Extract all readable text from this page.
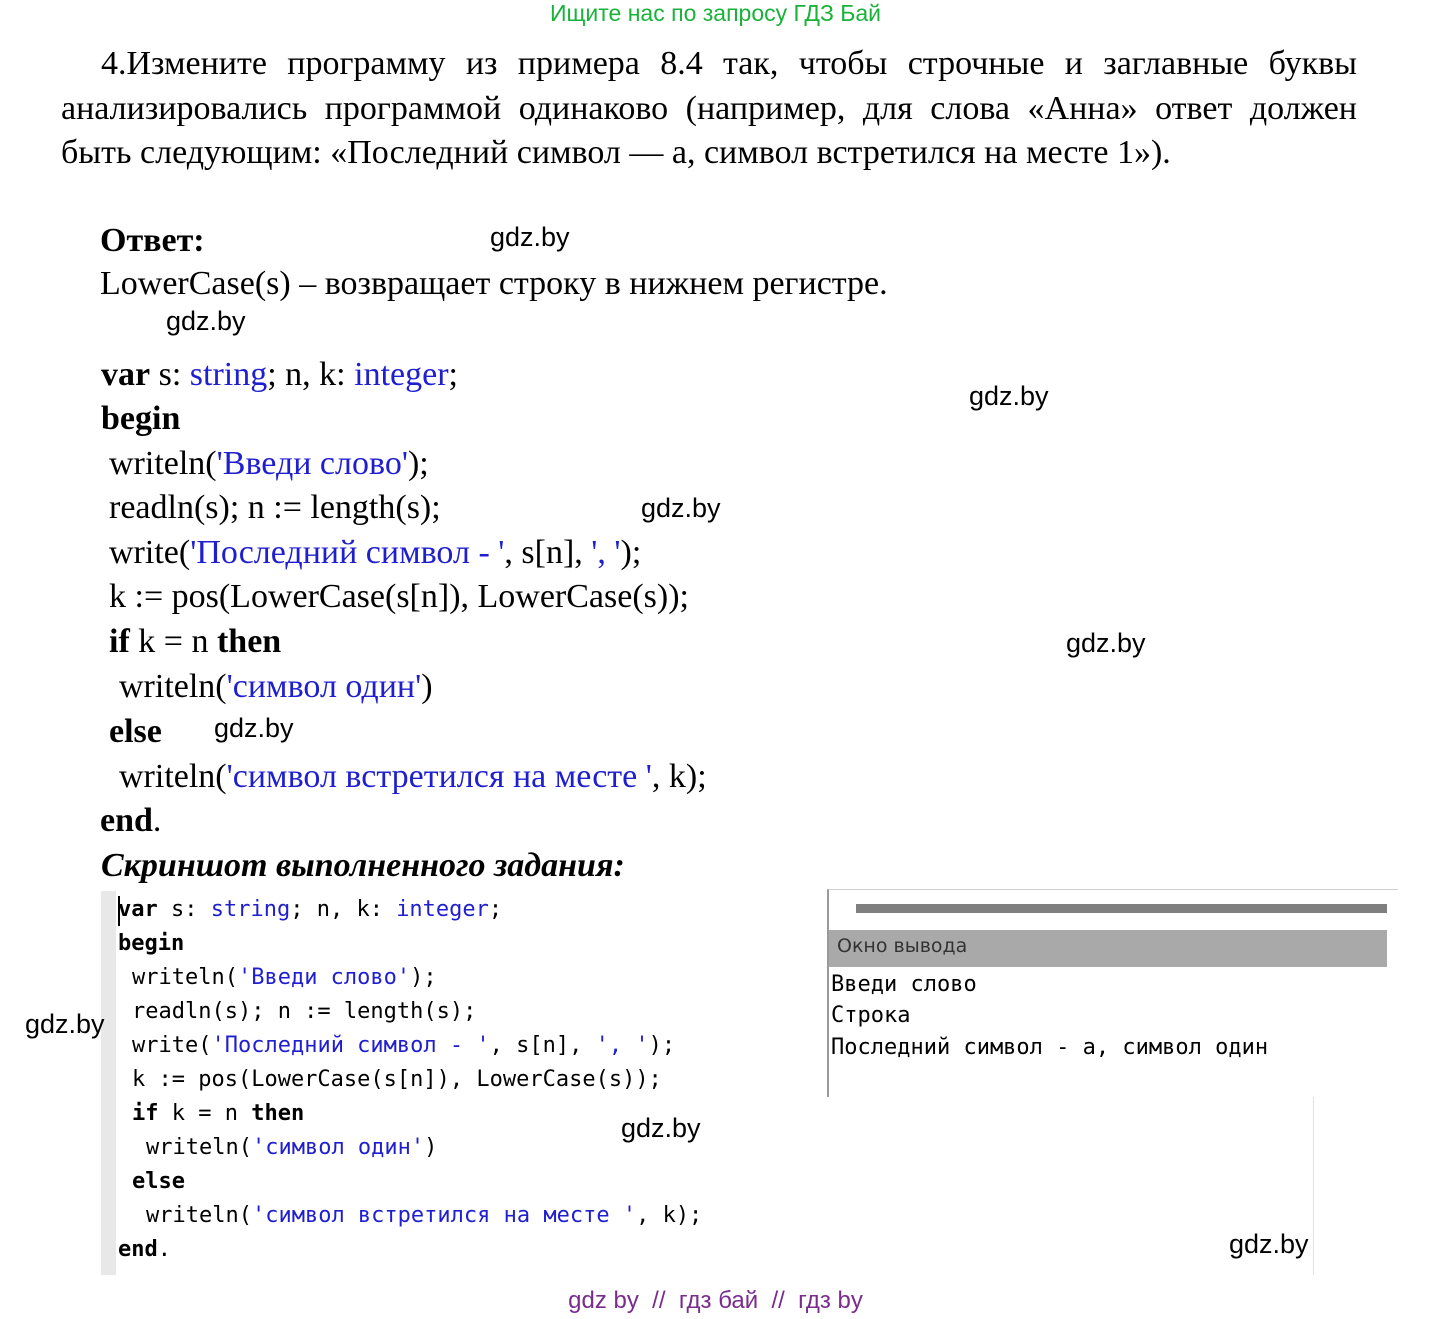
Ищите нас по запросу ГДЗ Бай

4.Измените программу из примера 8.4 так, чтобы строчные и заглавные буквы анализировались программой одинаково (например, для слова «Анна» ответ должен быть следующим: «Последний символ — а, символ встретился на месте 1»).

Ответ:
LowerCase(s) – возвращает строку в нижнем регистре.
var s: string; n, k: integer;
begin
writeln('Введи слово');
readln(s); n := length(s);
write('Последний символ - ', s[n], ', ');
k := pos(LowerCase(s[n]), LowerCase(s));
if k = n then
writeln('символ один')
else
writeln('символ встретился на месте ', k);
end.
Скриншот выполненного задания:
var s: string; n, k: integer;
begin
writeln('Введи слово');
readln(s); n := length(s);
write('Последний символ - ', s[n], ', ');
k := pos(LowerCase(s[n]), LowerCase(s));
if k = n then
writeln('символ один')
else
writeln('символ встретился на месте ', k);
end.
Окно вывода
Введи слово
Строка
Последний символ - а, символ один
gdz.by
gdz.by
gdz.by
gdz.by
gdz.by
gdz.by
gdz.by
gdz.by
gdz.by
gdz by  //  гдз бай  //  гдз by
